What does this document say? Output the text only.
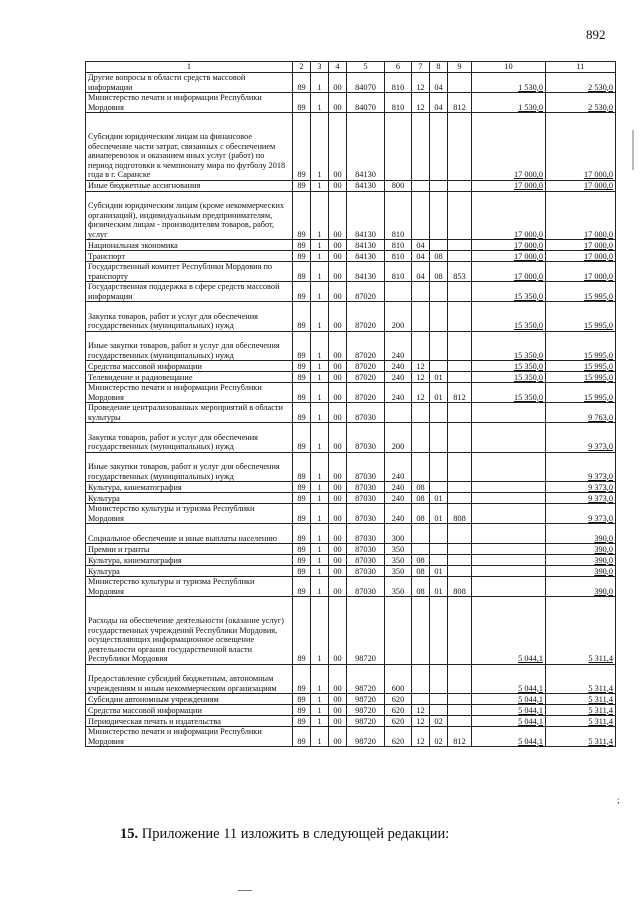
892
1	2	3	4	5	6	7	8	9	10	11
Другие вопросы в области средств массовой информации	89	1	00	84070	810	12	04		1 530,0	2 530,0
Министерство печати и информации Республики Мордовия	89	1	00	84070	810	12	04	812	1 530,0	2 530,0
Субсидии юридическим лицам на финансовое обеспечение части затрат, связанных с обеспечением авиаперевозок и оказанием иных услуг (работ) по период подготовки к чемпионату мира по футболу 2018 года в г. Саранске	89	1	00	84130					17 000,0	17 000,0
Иные бюджетные ассигнования	89	1	00	84130	800				17 000,0	17 000,0
Субсидии юридическим лицам (кроме некоммерческих организаций), индивидуальным предпринимателям, физическим лицам - производителям товаров, работ, услуг	89	1	00	84130	810				17 000,0	17 000,0
Национальная экономика	89	1	00	84130	810	04			17 000,0	17 000,0
Транспорт	89	1	00	84130	810	04	08		17 000,0	17 000,0
Государственный комитет Республики Мордовия по транспорту	89	1	00	84130	810	04	08	853	17 000,0	17 000,0
Государственная поддержка в сфере средств массовой информации	89	1	00	87020					15 350,0	15 995,0
Закупка товаров, работ и услуг для обеспечения государственных (муниципальных) нужд	89	1	00	87020	200				15 350,0	15 995,0
Иные закупки товаров, работ и услуг для обеспечения государственных (муниципальных) нужд	89	1	00	87020	240				15 350,0	15 995,0
Средства массовой информации	89	1	00	87020	240	12			15 350,0	15 995,0
Телевидение и радиовещание	89	1	00	87020	240	12	01		15 350,0	15 995,0
Министерство печати и информации Республики Мордовия	89	1	00	87020	240	12	01	812	15 350,0	15 995,0
Проведение централизованных мероприятий в области культуры	89	1	00	87030						9 763,0
Закупка товаров, работ и услуг для обеспечения государственных (муниципальных) нужд	89	1	00	87030	200					9 373,0
Иные закупки товаров, работ и услуг для обеспечения государственных (муниципальных) нужд	89	1	00	87030	240					9 373,0
Культура, кинематография	89	1	00	87030	240	08				9 373,0
Культура	89	1	00	87030	240	08	01			9 373,0
Министерство культуры и туризма Республики Мордовия	89	1	00	87030	240	08	01	808		9 373,0
Социальное обеспечение и иные выплаты населению	89	1	00	87030	300					390,0
Премии и гранты	89	1	00	87030	350					390,0
Культура, кинематография	89	1	00	87030	350	08				390,0
Культура	89	1	00	87030	350	08	01			390,0
Министерство культуры и туризма Республики Мордовия	89	1	00	87030	350	08	01	808		390,0
Расходы на обеспечение деятельности (оказание услуг) государственных учреждений Республики Мордовия, осуществляющих информационное освещение деятельности органов государственной власти Республики Мордовия	89	1	00	98720					5 044,1	5 311,4
Предоставление субсидий бюджетным, автономным учреждениям и иным некоммерческим организациям	89	1	00	98720	600				5 044,1	5 311,4
Субсидии автономным учреждениям	89	1	00	98720	620				5 044,1	5 311,4
Средства массовой информации	89	1	00	98720	620	12			5 044,1	5 311,4
Периодическая печать и издательства	89	1	00	98720	620	12	02		5 044,1	5 311,4
Министерство печати и информации Республики Мордовия	89	1	00	98720	620	12	02	812	5 044,1	5 311,4
;
15. Приложение 11 изложить в следующей редакции:
